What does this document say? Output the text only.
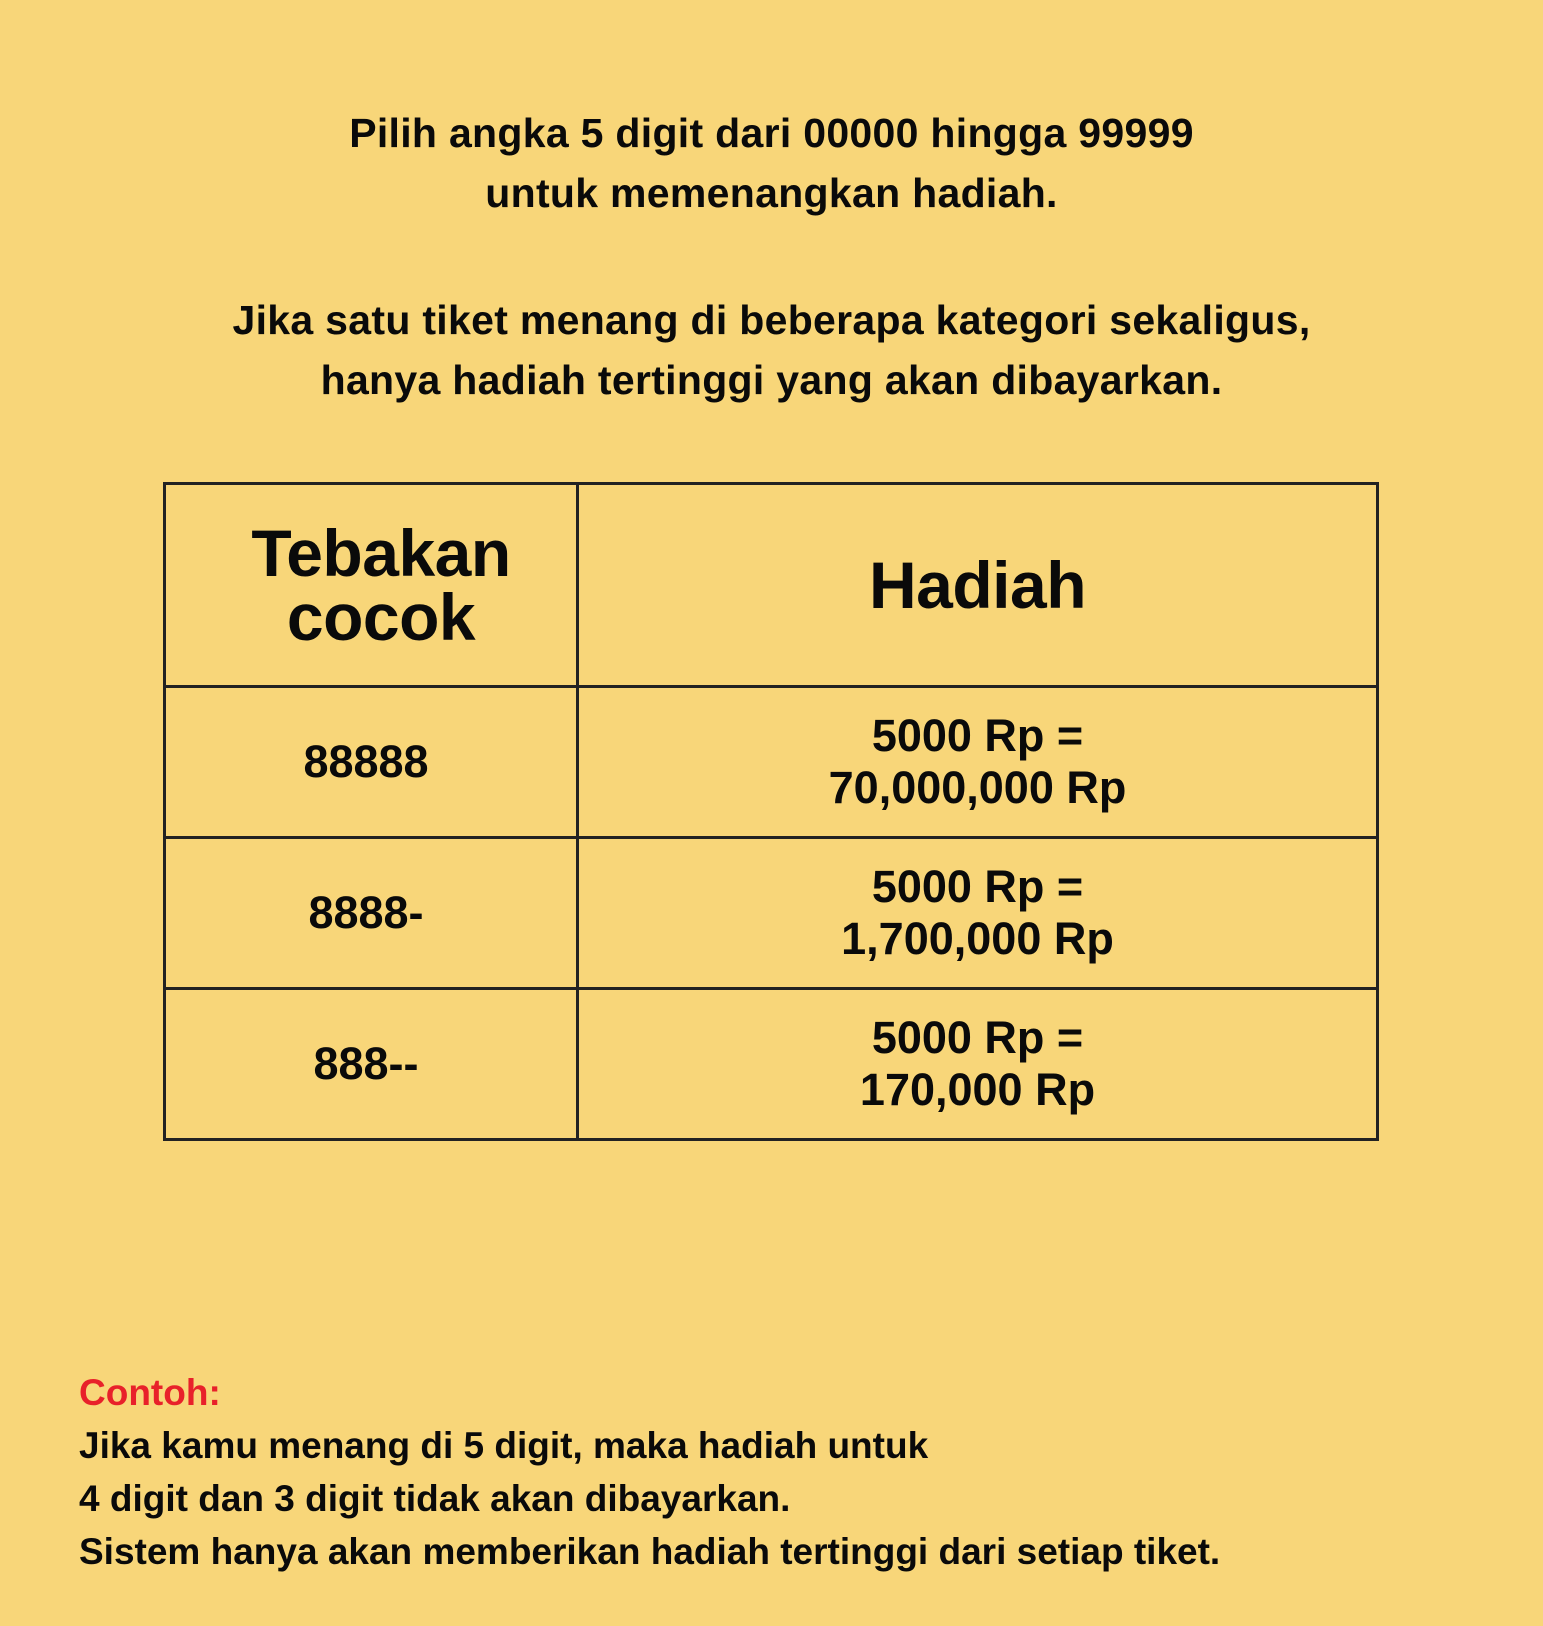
Pilih angka 5 digit dari 00000 hingga 99999

untuk memenangkan hadiah.

Jika satu tiket menang di beberapa kategori sekaligus,

hanya hadiah tertinggi yang akan dibayarkan.

Tebakan
cocok	Hadiah
88888	5000 Rp =
70,000,000 Rp

8888-	5000 Rp =
1,700,000 Rp

888--	5000 Rp =
170,000 Rp
Contoh:
Jika kamu menang di 5 digit, maka hadiah untuk
4 digit dan 3 digit tidak akan dibayarkan.
Sistem hanya akan memberikan hadiah tertinggi dari setiap tiket.
